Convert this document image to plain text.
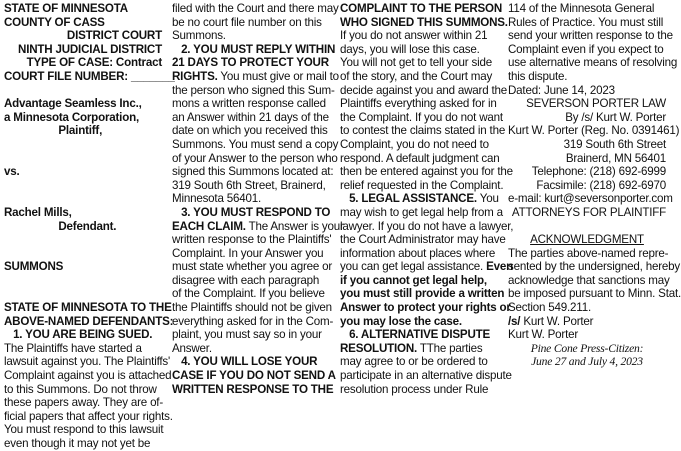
STATE OF MINNESOTA
COUNTY OF CASS
DISTRICT COURT
NINTH JUDICIAL DISTRICT
TYPE OF CASE: Contract
COURT FILE NUMBER: _______
Advantage Seamless Inc.,
a Minnesota Corporation,
Plaintiff,
vs.
Rachel Mills,
Defendant.
SUMMONS
STATE OF MINNESOTA TO THE
ABOVE-NAMED DEFENDANTS:
1. YOU ARE BEING SUED.
The Plaintiffs have started a
lawsuit against you. The Plaintiffs'
Complaint against you is attached
to this Summons. Do not throw
these papers away. They are of-
ficial papers that affect your rights.
You must respond to this lawsuit
even though it may not yet be
filed with the Court and there may
be no court file number on this
Summons.
2. YOU MUST REPLY WITHIN
21 DAYS TO PROTECT YOUR
RIGHTS. You must give or mail to
the person who signed this Sum-
mons a written response called
an Answer within 21 days of the
date on which you received this
Summons. You must send a copy
of your Answer to the person who
signed this Summons located at:
319 South 6th Street, Brainerd,
Minnesota 56401.
3. YOU MUST RESPOND TO
EACH CLAIM. The Answer is your
written response to the Plaintiffs'
Complaint. In your Answer you
must state whether you agree or
disagree with each paragraph
of the Complaint. If you believe
the Plaintiffs should not be given
everything asked for in the Com-
plaint, you must say so in your
Answer.
4. YOU WILL LOSE YOUR
CASE IF YOU DO NOT SEND A
WRITTEN RESPONSE TO THE
COMPLAINT TO THE PERSON
WHO SIGNED THIS SUMMONS.
If you do not answer within 21
days, you will lose this case.
You will not get to tell your side
of the story, and the Court may
decide against you and award the
Plaintiffs everything asked for in
the Complaint. If you do not want
to contest the claims stated in the
Complaint, you do not need to
respond. A default judgment can
then be entered against you for the
relief requested in the Complaint.
5. LEGAL ASSISTANCE. You
may wish to get legal help from a
lawyer. If you do not have a lawyer,
the Court Administrator may have
information about places where
you can get legal assistance. Even
if you cannot get legal help,
you must still provide a written
Answer to protect your rights or
you may lose the case.
6. ALTERNATIVE DISPUTE
RESOLUTION. TThe parties
may agree to or be ordered to
participate in an alternative dispute
resolution process under Rule
114 of the Minnesota General
Rules of Practice. You must still
send your written response to the
Complaint even if you expect to
use alternative means of resolving
this dispute.
Dated: June 14, 2023
SEVERSON PORTER LAW
By /s/ Kurt W. Porter
Kurt W. Porter (Reg. No. 0391461)
319 South 6th Street
Brainerd, MN 56401
Telephone: (218) 692-6999
Facsimile: (218) 692-6970
e-mail: kurt@seversonporter.com
ATTORNEYS FOR PLAINTIFF
ACKNOWLEDGMENT
The parties above-named repre-
sented by the undersigned, hereby
acknowledge that sanctions may
be imposed pursuant to Minn. Stat.
Section 549.211.
/s/ Kurt W. Porter
Kurt W. Porter
Pine Cone Press-Citizen:
June 27 and July 4, 2023
